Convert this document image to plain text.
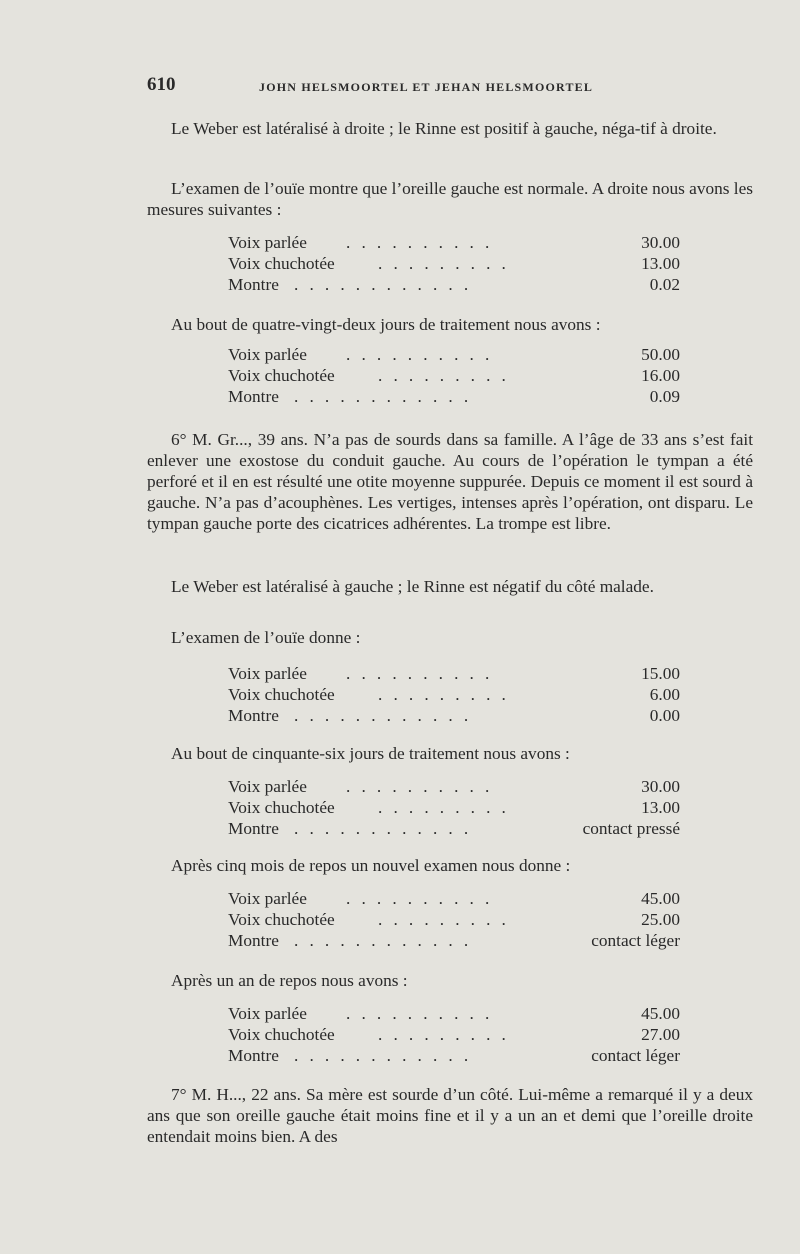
610	JOHN HELSMOORTEL ET JEHAN HELSMOORTEL

Le Weber est latéralisé à droite ; le Rinne est positif à gauche, néga-tif à droite.

L’examen de l’ouïe montre que l’oreille gauche est normale. A droite nous avons les mesures suivantes :

Voix parlée . . . . . . . . . .	30.00
Voix chuchotée	. . . . . . . . .	13.00
Montre . . . . . . . . . . . .	0.02

Au bout de quatre-vingt-deux jours de traitement nous avons :

Voix parlée . . . . . . . . . .	50.00
Voix chuchotée	. . . . . . . . .	16.00
Montre . . . . . . . . . . . .	0.09

6° M. Gr..., 39 ans. N’a pas de sourds dans sa famille. A l’âge de 33 ans s’est fait enlever une exostose du conduit gauche. Au cours de l’opération le tympan a été perforé et il en est résulté une otite moyenne suppurée. Depuis ce moment il est sourd à gauche. N’a pas d’acouphènes. Les vertiges, intenses après l’opération, ont disparu. Le tympan gauche porte des cicatrices adhérentes. La trompe est libre.

Le Weber est latéralisé à gauche ; le Rinne est négatif du côté malade.

L’examen de l’ouïe donne :

Voix parlée . . . . . . . . . .	15.00
Voix chuchotée	. . . . . . . . .	6.00
Montre . . . . . . . . . . . .	0.00

Au bout de cinquante-six jours de traitement nous avons :

Voix parlée . . . . . . . . . .	30.00
Voix chuchotée	. . . . . . . . .	13.00
Montre . . . . . . . . . . . .	contact pressé

Après cinq mois de repos un nouvel examen nous donne :

Voix parlée . . . . . . . . . .	45.00
Voix chuchotée	. . . . . . . . .	25.00
Montre . . . . . . . . . . . .	contact léger

Après un an de repos nous avons :

Voix parlée . . . . . . . . . .	45.00
Voix chuchotée	. . . . . . . . .	27.00
Montre . . . . . . . . . . . .	contact léger

7° M. H..., 22 ans. Sa mère est sourde d’un côté. Lui-même a remarqué il y a deux ans que son oreille gauche était moins fine et il y a un an et demi que l’oreille droite entendait moins bien. A des
